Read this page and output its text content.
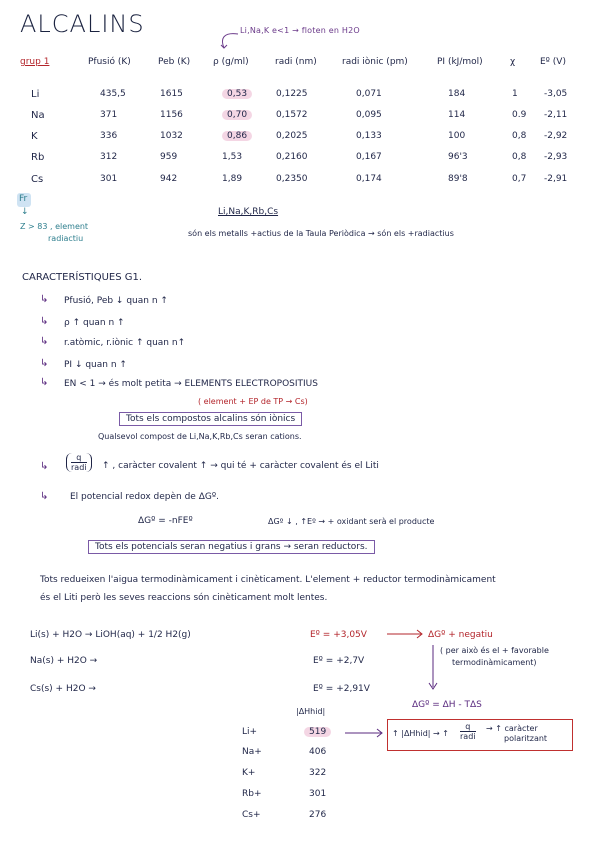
ALCALINS	Li,Na,K e<1 → floten en H2O
grup 1	Pfusió (K)	Peb (K)	ρ (g/ml)	radi (nm)	radi iònic (pm)	PI (kJ/mol)	χ	Eº (V)
Li	435,5	1615	0,53	0,1225	0,071	184	1	-3,05
Na	371	1156	0,70	0,1572	0,095	114	0.9 -2,11
K	336	1032	0,86	0,2025	0,133	100	0,8 -2,92
Rb	312	959	1,53	0,2160	0,167	96'3	0,8 -2,93
Cs	301	942	1,89	0,2350	0,174	89'8	0,7 -2,91
Fr
↓
Z > 83 , element
radiactiu
Li,Na,K,Rb,Cs
són els metalls +actius de la Taula Periòdica → són els +radiactius
CARACTERÍSTIQUES G1.
↳ Pfusió, Peb ↓ quan n ↑
↳ ρ ↑ quan n ↑
↳ r.atòmic, r.iònic ↑ quan n↑
↳ PI ↓ quan n ↑
↳ EN < 1 → és molt petita → ELEMENTS ELECTROPOSITIUS
( element + EP de TP → Cs)
Tots els compostos alcalins són iònics
Qualsevol compost de Li,Na,K,Rb,Cs seran cations.
↳
q
radi ↑ , caràcter covalent ↑ → qui té + caràcter covalent és el Liti
↳ El potencial redox depèn de ΔGº.
ΔGº = -nFEº	ΔGº ↓ , ↑Eº → + oxidant serà el producte
Tots els potencials seran negatius i grans → seran reductors.
Tots redueixen l'aigua termodinàmicament i cinèticament. L'element + reductor termodinàmicament
és el Liti però les seves reaccions són cinèticament molt lentes.
Li(s) + H2O → LiOH(aq) + 1/2 H2(g)	Eº = +3,05V
Na(s) + H2O →	Eº = +2,7V
Cs(s) + H2O →	Eº = +2,91V
ΔGº + negatiu
( per això és el + favorable
termodinàmicament)
ΔGº = ΔH - TΔS
|ΔHhid|
Li+	519
Na+	406
K+	322
Rb+	301
Cs+	276
↑ |ΔHhid| → ↑
q
radi
→ ↑ caràcter
polaritzant
